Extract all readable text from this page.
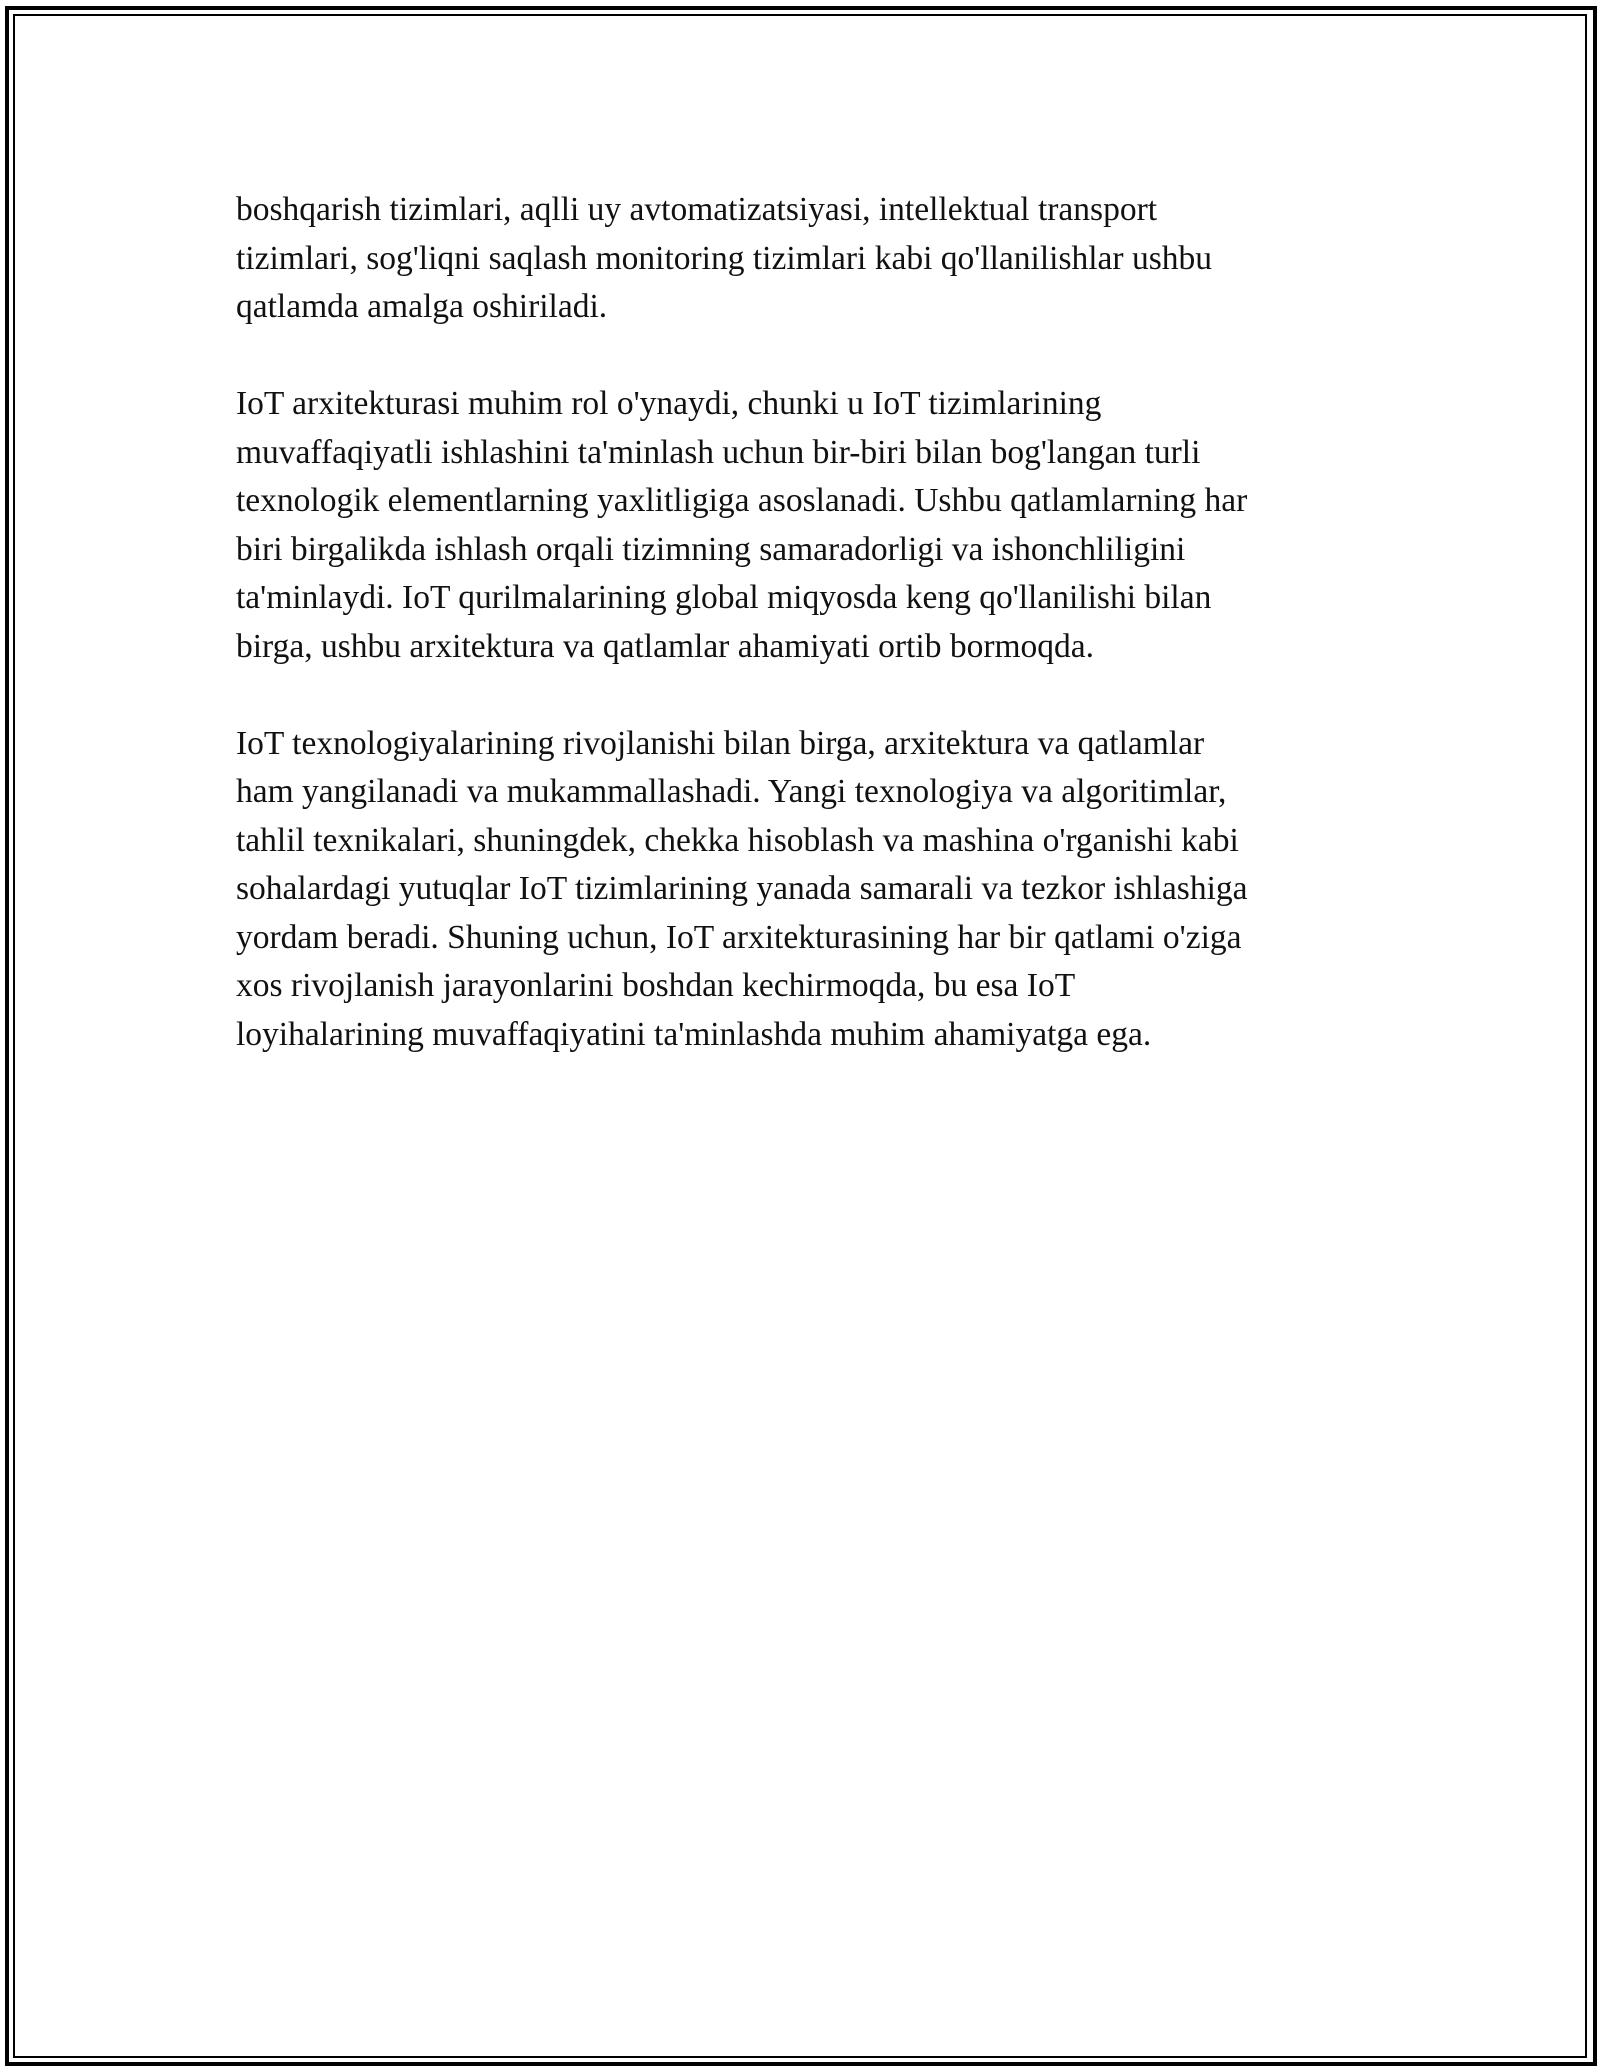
boshqarish tizimlari, aqlli uy avtomatizatsiyasi, intellektual transport
tizimlari, sog'liqni saqlash monitoring tizimlari kabi qo'llanilishlar ushbu
qatlamda amalga oshiriladi.

IoT arxitekturasi muhim rol o'ynaydi, chunki u IoT tizimlarining
muvaffaqiyatli ishlashini ta'minlash uchun bir-biri bilan bog'langan turli
texnologik elementlarning yaxlitligiga asoslanadi. Ushbu qatlamlarning har
biri birgalikda ishlash orqali tizimning samaradorligi va ishonchliligini
ta'minlaydi. IoT qurilmalarining global miqyosda keng qo'llanilishi bilan
birga, ushbu arxitektura va qatlamlar ahamiyati ortib bormoqda.

IoT texnologiyalarining rivojlanishi bilan birga, arxitektura va qatlamlar
ham yangilanadi va mukammallashadi. Yangi texnologiya va algoritimlar,
tahlil texnikalari, shuningdek, chekka hisoblash va mashina o'rganishi kabi
sohalardagi yutuqlar IoT tizimlarining yanada samarali va tezkor ishlashiga
yordam beradi. Shuning uchun, IoT arxitekturasining har bir qatlami o'ziga
xos rivojlanish jarayonlarini boshdan kechirmoqda, bu esa IoT
loyihalarining muvaffaqiyatini ta'minlashda muhim ahamiyatga ega.
